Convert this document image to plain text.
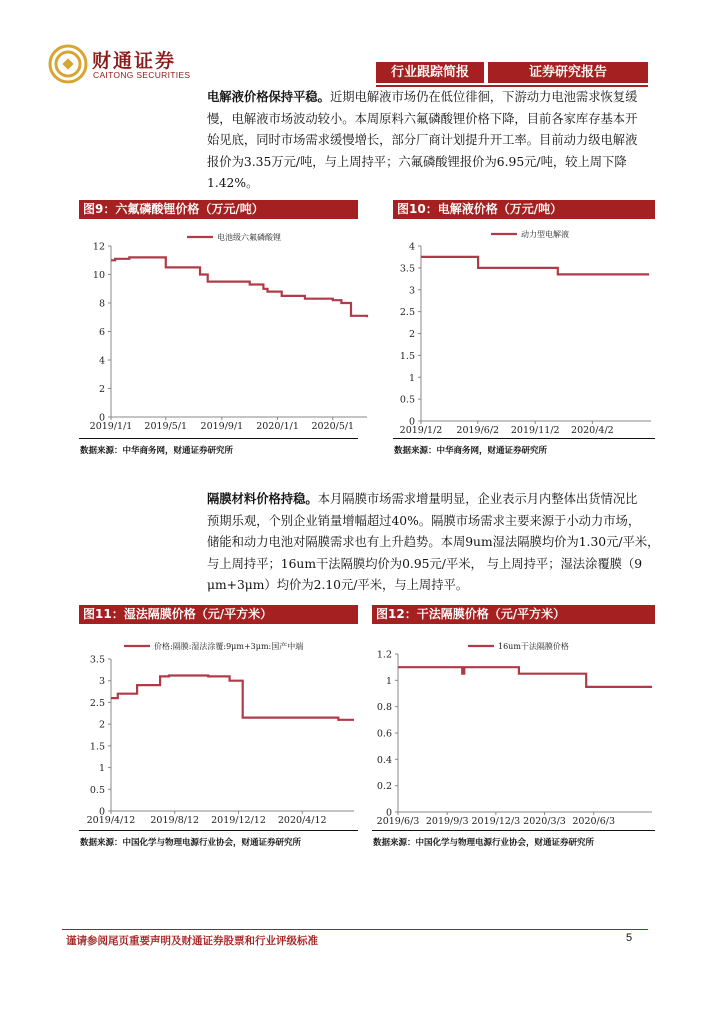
财通证券
CAITONG SECURITIES	行业跟踪简报	证券研究报告
电解液价格保持平稳。近期电解液市场仍在低位徘徊，下游动力电池需求恢复缓
慢，电解液市场波动较小。本周原料六氟磷酸锂价格下降，目前各家库存基本开
始见底，同时市场需求缓慢增长，部分厂商计划提升开工率。目前动力级电解液
报价为3.35万元/吨，与上周持平；六氟磷酸锂报价为6.95元/吨，较上周下降
1.42%。
图9：六氟磷酸锂价格（万元/吨）
0
2
4
6
8
10
12
2019/1/1 2019/5/1 2019/9/1 2020/1/1 2020/5/1
电池级六氟磷酸锂
数据来源：中华商务网，财通证券研究所
图10：电解液价格（万元/吨）
0
0.5
1
1.5
2
2.5
3
3.5
4
2019/1/2 2019/6/2 2019/11/2 2020/4/2
动力型电解液
数据来源：中华商务网，财通证券研究所
隔膜材料价格持稳。本月隔膜市场需求增量明显，企业表示月内整体出货情况比
预期乐观，个别企业销量增幅超过40%。隔膜市场需求主要来源于小动力市场，
储能和动力电池对隔膜需求也有上升趋势。本周9um湿法隔膜均价为1.30元/平米，
与上周持平；16um干法隔膜均价为0.95元/平米， 与上周持平；湿法涂覆膜（9
μm+3μm）均价为2.10元/平米，与上周持平。
图11：湿法隔膜价格（元/平方米）
0
0.5
1
1.5
2
2.5
3
3.5
2019/4/12 2019/8/12 2019/12/12 2020/4/12
价格:隔膜:湿法涂覆:9μm+3μm:国产中端
数据来源：中国化学与物理电源行业协会，财通证券研究所
图12：干法隔膜价格（元/平方米）
0
0.2
0.4
0.6
0.8
1
1.2
2019/6/3 2019/9/3 2019/12/3 2020/3/3 2020/6/3
16um干法隔膜价格
数据来源：中国化学与物理电源行业协会，财通证券研究所
谨请参阅尾页重要声明及财通证券股票和行业评级标准	5
